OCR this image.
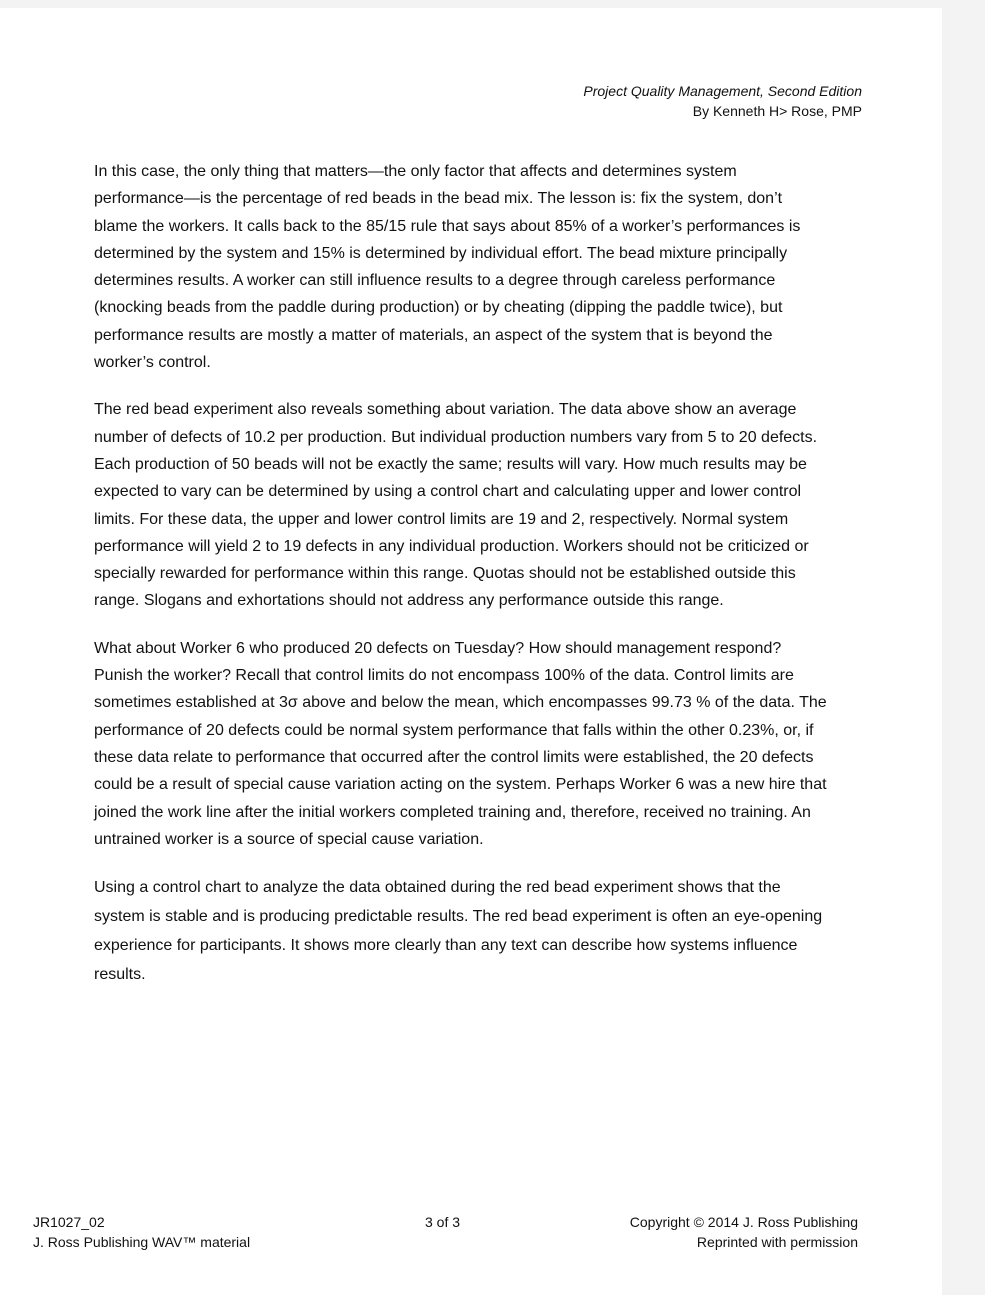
Project Quality Management, Second Edition
By Kenneth H> Rose, PMP

In this case, the only thing that matters—the only factor that affects and determines system performance—is the percentage of red beads in the bead mix. The lesson is: fix the system, don’t blame the workers. It calls back to the 85/15 rule that says about 85% of a worker’s performances is determined by the system and 15% is determined by individual effort. The bead mixture principally determines results. A worker can still influence results to a degree through careless performance (knocking beads from the paddle during production) or by cheating (dipping the paddle twice), but performance results are mostly a matter of materials, an aspect of the system that is beyond the worker’s control.

The red bead experiment also reveals something about variation. The data above show an average number of defects of 10.2 per production. But individual production numbers vary from 5 to 20 defects. Each production of 50 beads will not be exactly the same; results will vary. How much results may be expected to vary can be determined by using a control chart and calculating upper and lower control limits. For these data, the upper and lower control limits are 19 and 2, respectively. Normal system performance will yield 2 to 19 defects in any individual production. Workers should not be criticized or specially rewarded for performance within this range. Quotas should not be established outside this range. Slogans and exhortations should not address any performance outside this range.

What about Worker 6 who produced 20 defects on Tuesday? How should management respond? Punish the worker? Recall that control limits do not encompass 100% of the data. Control limits are sometimes established at 3σ above and below the mean, which encompasses 99.73 % of the data. The performance of 20 defects could be normal system performance that falls within the other 0.23%, or, if these data relate to performance that occurred after the control limits were established, the 20 defects could be a result of special cause variation acting on the system. Perhaps Worker 6 was a new hire that joined the work line after the initial workers completed training and, therefore, received no training. An untrained worker is a source of special cause variation.

Using a control chart to analyze the data obtained during the red bead experiment shows that the system is stable and is producing predictable results. The red bead experiment is often an eye-opening experience for participants. It shows more clearly than any text can describe how systems influence results.

JR1027_02
J. Ross Publishing WAV™ material
3 of 3	Copyright © 2014 J. Ross Publishing
Reprinted with permission
